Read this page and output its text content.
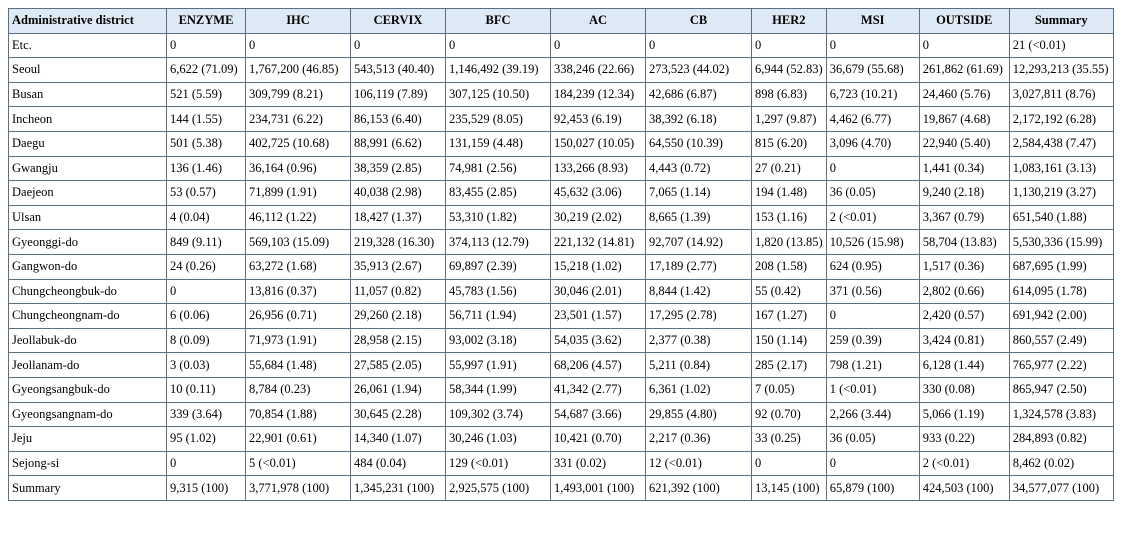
Administrative district	ENZYME	IHC	CERVIX	BFC	AC	CB	HER2	MSI	OUTSIDE	Summary
Etc.	0	0	0	0	0	0	0	0	0	21 (<0.01)
Seoul	6,622 (71.09)	1,767,200 (46.85)	543,513 (40.40)	1,146,492 (39.19)	338,246 (22.66)	273,523 (44.02)	6,944 (52.83)	36,679 (55.68)	261,862 (61.69)	12,293,213 (35.55)
Busan	521 (5.59)	309,799 (8.21)	106,119 (7.89)	307,125 (10.50)	184,239 (12.34)	42,686 (6.87)	898 (6.83)	6,723 (10.21)	24,460 (5.76)	3,027,811 (8.76)
Incheon	144 (1.55)	234,731 (6.22)	86,153 (6.40)	235,529 (8.05)	92,453 (6.19)	38,392 (6.18)	1,297 (9.87)	4,462 (6.77)	19,867 (4.68)	2,172,192 (6.28)
Daegu	501 (5.38)	402,725 (10.68)	88,991 (6.62)	131,159 (4.48)	150,027 (10.05)	64,550 (10.39)	815 (6.20)	3,096 (4.70)	22,940 (5.40)	2,584,438 (7.47)
Gwangju	136 (1.46)	36,164 (0.96)	38,359 (2.85)	74,981 (2.56)	133,266 (8.93)	4,443 (0.72)	27 (0.21)	0	1,441 (0.34)	1,083,161 (3.13)
Daejeon	53 (0.57)	71,899 (1.91)	40,038 (2.98)	83,455 (2.85)	45,632 (3.06)	7,065 (1.14)	194 (1.48)	36 (0.05)	9,240 (2.18)	1,130,219 (3.27)
Ulsan	4 (0.04)	46,112 (1.22)	18,427 (1.37)	53,310 (1.82)	30,219 (2.02)	8,665 (1.39)	153 (1.16)	2 (<0.01)	3,367 (0.79)	651,540 (1.88)
Gyeonggi-do	849 (9.11)	569,103 (15.09)	219,328 (16.30)	374,113 (12.79)	221,132 (14.81)	92,707 (14.92)	1,820 (13.85)	10,526 (15.98)	58,704 (13.83)	5,530,336 (15.99)
Gangwon-do	24 (0.26)	63,272 (1.68)	35,913 (2.67)	69,897 (2.39)	15,218 (1.02)	17,189 (2.77)	208 (1.58)	624 (0.95)	1,517 (0.36)	687,695 (1.99)
Chungcheongbuk-do	0	13,816 (0.37)	11,057 (0.82)	45,783 (1.56)	30,046 (2.01)	8,844 (1.42)	55 (0.42)	371 (0.56)	2,802 (0.66)	614,095 (1.78)
Chungcheongnam-do	6 (0.06)	26,956 (0.71)	29,260 (2.18)	56,711 (1.94)	23,501 (1.57)	17,295 (2.78)	167 (1.27)	0	2,420 (0.57)	691,942 (2.00)
Jeollabuk-do	8 (0.09)	71,973 (1.91)	28,958 (2.15)	93,002 (3.18)	54,035 (3.62)	2,377 (0.38)	150 (1.14)	259 (0.39)	3,424 (0.81)	860,557 (2.49)
Jeollanam-do	3 (0.03)	55,684 (1.48)	27,585 (2.05)	55,997 (1.91)	68,206 (4.57)	5,211 (0.84)	285 (2.17)	798 (1.21)	6,128 (1.44)	765,977 (2.22)
Gyeongsangbuk-do	10 (0.11)	8,784 (0.23)	26,061 (1.94)	58,344 (1.99)	41,342 (2.77)	6,361 (1.02)	7 (0.05)	1 (<0.01)	330 (0.08)	865,947 (2.50)
Gyeongsangnam-do	339 (3.64)	70,854 (1.88)	30,645 (2.28)	109,302 (3.74)	54,687 (3.66)	29,855 (4.80)	92 (0.70)	2,266 (3.44)	5,066 (1.19)	1,324,578 (3.83)
Jeju	95 (1.02)	22,901 (0.61)	14,340 (1.07)	30,246 (1.03)	10,421 (0.70)	2,217 (0.36)	33 (0.25)	36 (0.05)	933 (0.22)	284,893 (0.82)
Sejong-si	0	5 (<0.01)	484 (0.04)	129 (<0.01)	331 (0.02)	12 (<0.01)	0	0	2 (<0.01)	8,462 (0.02)
Summary	9,315 (100)	3,771,978 (100)	1,345,231 (100)	2,925,575 (100)	1,493,001 (100)	621,392 (100)	13,145 (100)	65,879 (100)	424,503 (100)	34,577,077 (100)
